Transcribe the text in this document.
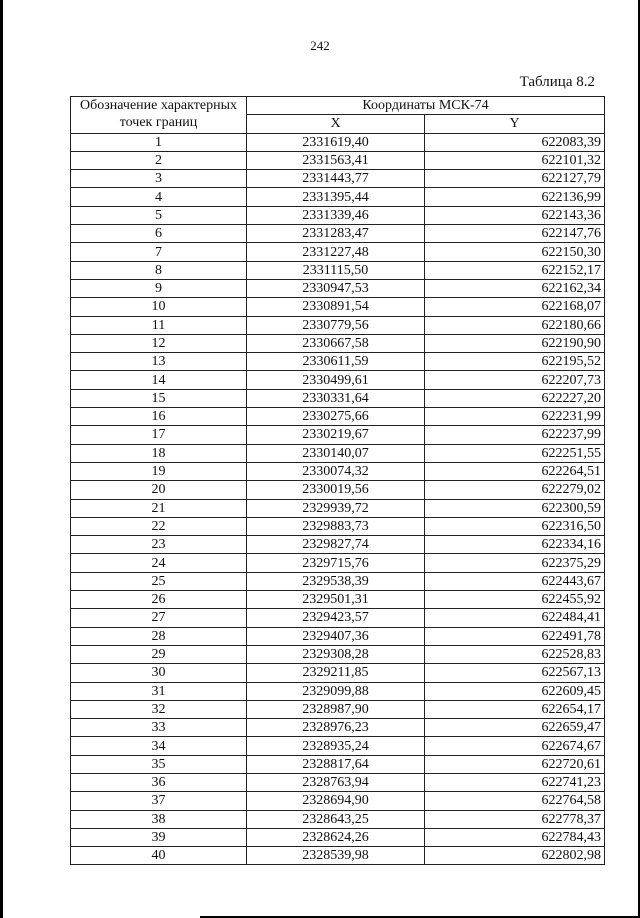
242
Таблица 8.2
Обозначение характерных точек границ	Координаты МСК-74	
	X	Y
1	2331619,40	622083,39
2	2331563,41	622101,32
3	2331443,77	622127,79
4	2331395,44	622136,99
5	2331339,46	622143,36
6	2331283,47	622147,76
7	2331227,48	622150,30
8	2331115,50	622152,17
9	2330947,53	622162,34
10	2330891,54	622168,07
11	2330779,56	622180,66
12	2330667,58	622190,90
13	2330611,59	622195,52
14	2330499,61	622207,73
15	2330331,64	622227,20
16	2330275,66	622231,99
17	2330219,67	622237,99
18	2330140,07	622251,55
19	2330074,32	622264,51
20	2330019,56	622279,02
21	2329939,72	622300,59
22	2329883,73	622316,50
23	2329827,74	622334,16
24	2329715,76	622375,29
25	2329538,39	622443,67
26	2329501,31	622455,92
27	2329423,57	622484,41
28	2329407,36	622491,78
29	2329308,28	622528,83
30	2329211,85	622567,13
31	2329099,88	622609,45
32	2328987,90	622654,17
33	2328976,23	622659,47
34	2328935,24	622674,67
35	2328817,64	622720,61
36	2328763,94	622741,23
37	2328694,90	622764,58
38	2328643,25	622778,37
39	2328624,26	622784,43
40	2328539,98	622802,98
